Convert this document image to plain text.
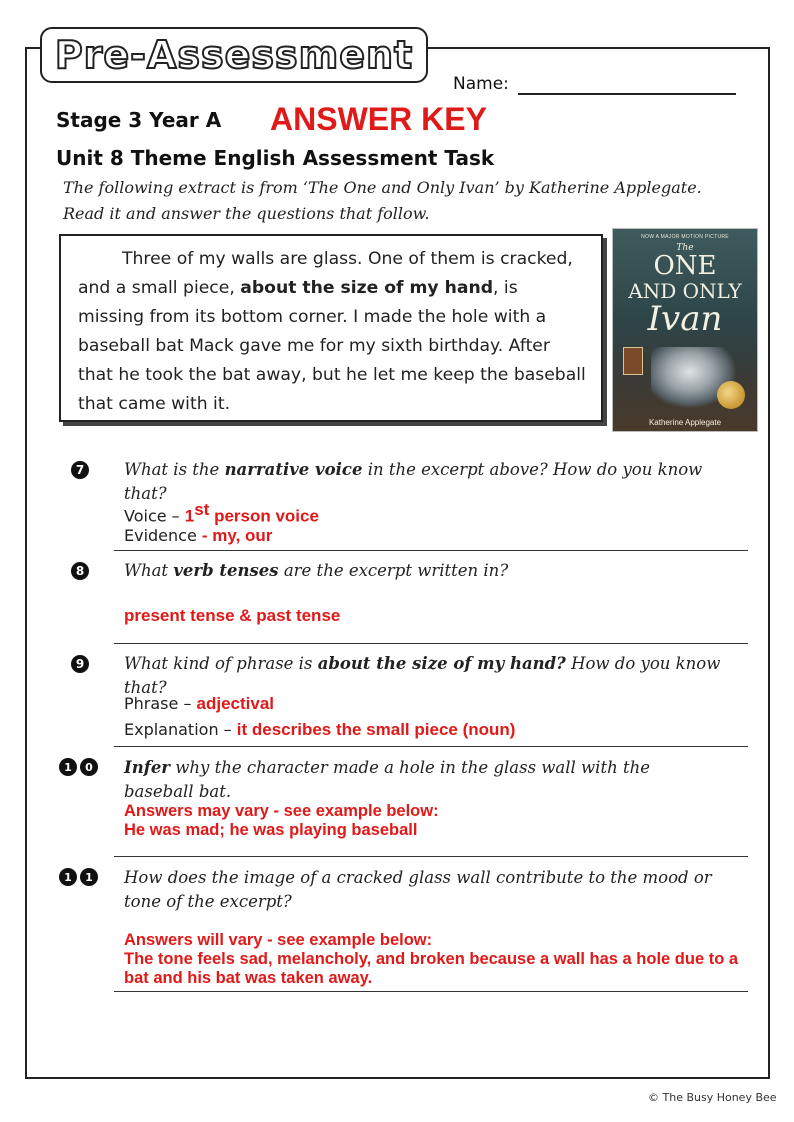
Pre-Assessment
Name:
Stage 3 Year A ANSWER KEY
Unit 8 Theme English Assessment Task
The following extract is from ‘The One and Only Ivan’ by Katherine Applegate.
Read it and answer the questions that follow.

Three of my walls are glass. One of them is cracked, and a small piece, about the size of my hand, is missing from its bottom corner. I made the hole with a baseball bat Mack gave me for my sixth birthday. After that he took the bat away, but he let me keep the baseball that came with it.

NOW A MAJOR MOTION PICTURE
The
ONE
AND ONLY
Ivan
Katherine Applegate
7 What is the narrative voice in the excerpt above? How do you know that?
Voice – 1st person voice
Evidence - my, our
8 What verb tenses are the excerpt written in?
present tense & past tense
9 What kind of phrase is about the size of my hand? How do you know that?
Phrase – adjectival
Explanation – it describes the small piece (noun)
1	0	Infer why the character made a hole in the glass wall with the baseball bat.
Answers may vary - see example below:
He was mad; he was playing baseball
1	1	How does the image of a cracked glass wall contribute to the mood or tone of the excerpt?
Answers will vary - see example below:
The tone feels sad, melancholy, and broken because a wall has a hole due to a bat and his bat was taken away.
© The Busy Honey Bee
